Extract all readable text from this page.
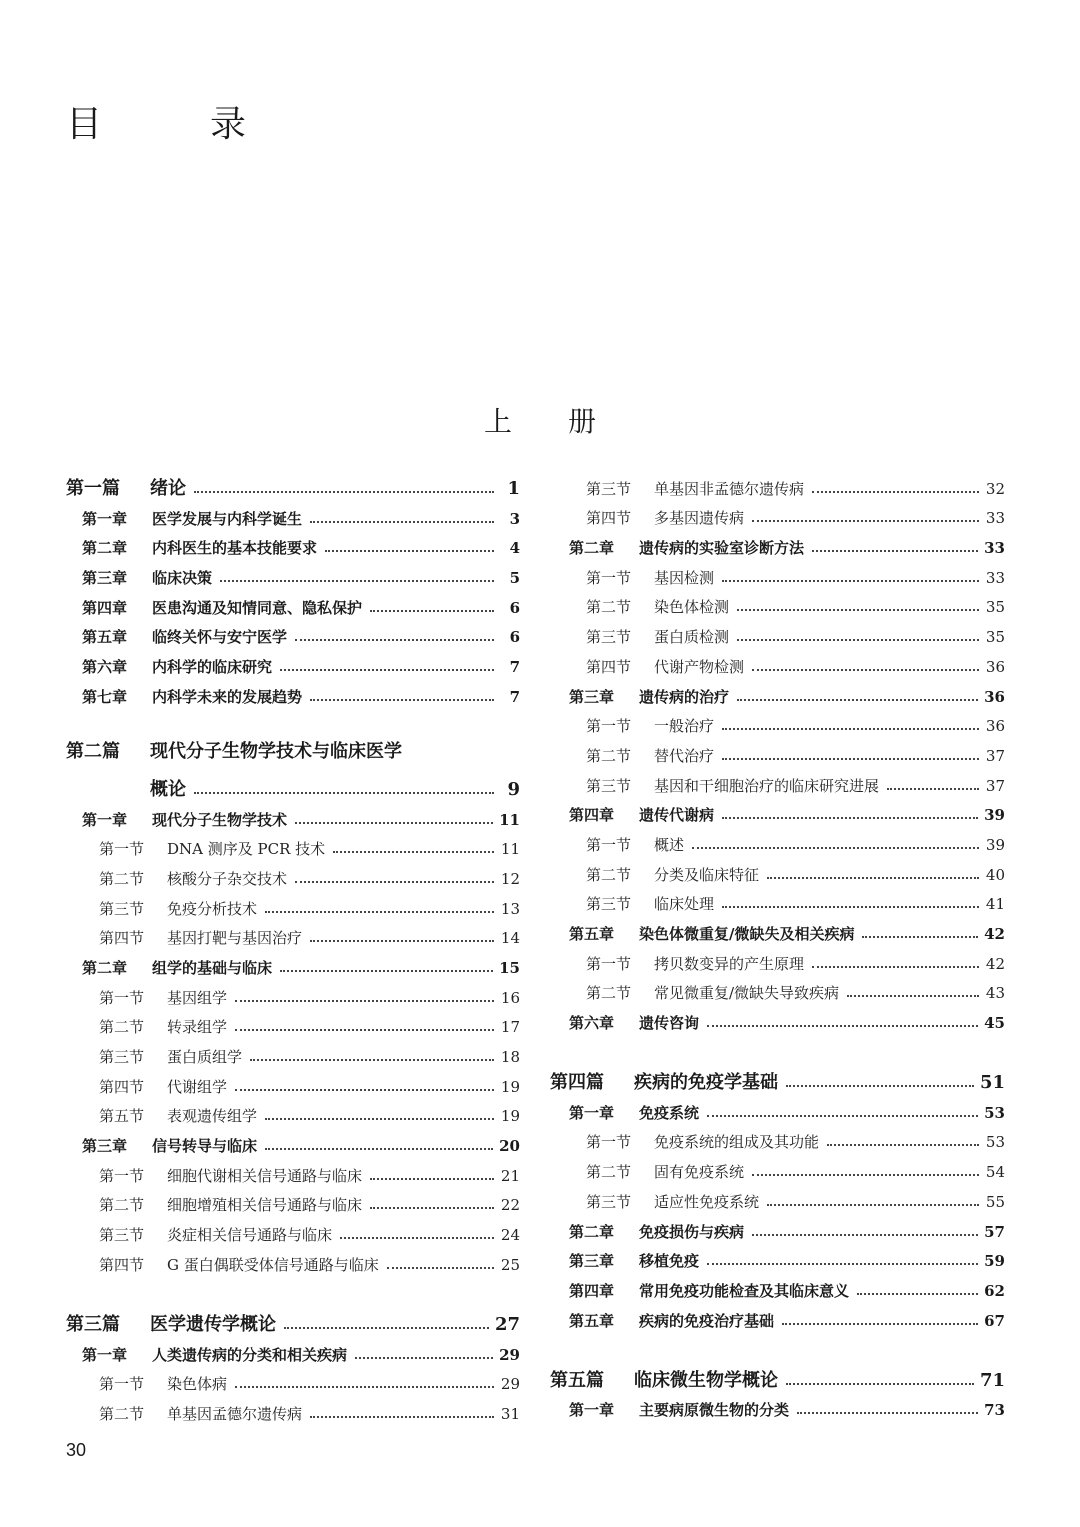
目　　　录
上　　册
第一篇	绪论	1
第一章	医学发展与内科学诞生	3
第二章	内科医生的基本技能要求	4
第三章	临床决策	5
第四章	医患沟通及知情同意、隐私保护	6
第五章	临终关怀与安宁医学	6
第六章	内科学的临床研究	7
第七章	内科学未来的发展趋势	7
第二篇	现代分子生物学技术与临床医学
概论	9
第一章	现代分子生物学技术	11
第一节	DNA 测序及 PCR 技术	11
第二节	核酸分子杂交技术	12
第三节	免疫分析技术	13
第四节	基因打靶与基因治疗	14
第二章	组学的基础与临床	15
第一节	基因组学	16
第二节	转录组学	17
第三节	蛋白质组学	18
第四节	代谢组学	19
第五节	表观遗传组学	19
第三章	信号转导与临床	20
第一节	细胞代谢相关信号通路与临床	21
第二节	细胞增殖相关信号通路与临床	22
第三节	炎症相关信号通路与临床	24
第四节	G 蛋白偶联受体信号通路与临床	25
第三篇	医学遗传学概论	27
第一章	人类遗传病的分类和相关疾病	29
第一节	染色体病	29
第二节	单基因孟德尔遗传病	31
第三节	单基因非孟德尔遗传病	32
第四节	多基因遗传病	33
第二章	遗传病的实验室诊断方法	33
第一节	基因检测	33
第二节	染色体检测	35
第三节	蛋白质检测	35
第四节	代谢产物检测	36
第三章	遗传病的治疗	36
第一节	一般治疗	36
第二节	替代治疗	37
第三节	基因和干细胞治疗的临床研究进展	37
第四章	遗传代谢病	39
第一节	概述	39
第二节	分类及临床特征	40
第三节	临床处理	41
第五章	染色体微重复/微缺失及相关疾病	42
第一节	拷贝数变异的产生原理	42
第二节	常见微重复/微缺失导致疾病	43
第六章	遗传咨询	45
第四篇	疾病的免疫学基础	51
第一章	免疫系统	53
第一节	免疫系统的组成及其功能	53
第二节	固有免疫系统	54
第三节	适应性免疫系统	55
第二章	免疫损伤与疾病	57
第三章	移植免疫	59
第四章	常用免疫功能检查及其临床意义	62
第五章	疾病的免疫治疗基础	67
第五篇	临床微生物学概论	71
第一章	主要病原微生物的分类	73
30
